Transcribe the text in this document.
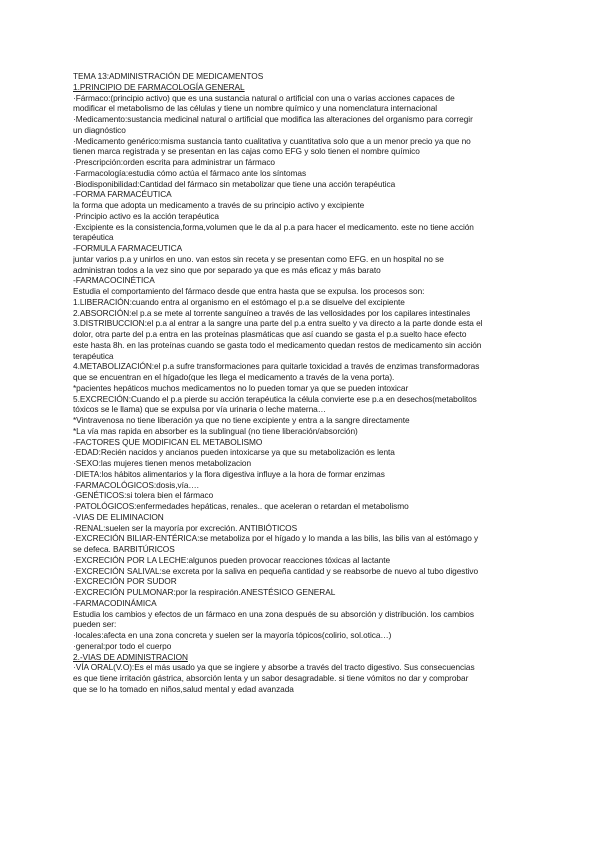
TEMA 13:ADMINISTRACIÓN DE MEDICAMENTOS
1.PRINCIPIO DE FARMACOLOGÍA GENERAL
·Fármaco:(principio activo) que es una sustancia natural o artificial con una o varias acciones capaces de
modificar el metabolismo de las células y tiene un nombre químico y una nomenclatura internacional
·Medicamento:sustancia medicinal natural o artificial que modifica las alteraciones del organismo para corregir
un diagnóstico
·Medicamento genérico:misma sustancia tanto cualitativa y cuantitativa solo que a un menor precio ya que no
tienen marca registrada y se presentan en las cajas como EFG y solo tienen el nombre químico
·Prescripción:orden escrita para administrar un fármaco
·Farmacología:estudia cómo actúa el fármaco ante los síntomas
·Biodisponibilidad:Cantidad del fármaco sin metabolizar que tiene una acción terapéutica
-FORMA FARMACÉUTICA
la forma que adopta un medicamento a través de su principio activo y excipiente
·Principio activo es la acción terapéutica
·Excipiente es la consistencia,forma,volumen que le da al p.a para hacer el medicamento. este no tiene acción
terapéutica
-FORMULA FARMACEUTICA
juntar varios p.a y unirlos en uno. van estos sin receta y se presentan como EFG. en un hospital no se
administran todos a la vez sino que por separado ya que es más eficaz y más barato
-FARMACOCINÉTICA
Estudia el comportamiento del fármaco desde que entra hasta que se expulsa. los procesos son:
1.LIBERACIÓN:cuando entra al organismo en el estómago el p.a se disuelve del excipiente
2.ABSORCIÓN:el p.a se mete al torrente sanguíneo a través de las vellosidades por los capilares intestinales
3.DISTRIBUCCION:el p.a al entrar a la sangre una parte del p.a entra suelto y va directo a la parte donde esta el
dolor, otra parte del p.a entra en las proteínas plasmáticas que así cuando se gasta el p.a suelto hace efecto
este hasta 8h. en las proteínas cuando se gasta todo el medicamento quedan restos de medicamento sin acción
terapéutica
4.METABOLIZACIÓN:el p.a sufre transformaciones para quitarle toxicidad a través de enzimas transformadoras
que se encuentran en el hígado(que les llega el medicamento a través de la vena porta).
*pacientes hepáticos muchos medicamentos no lo pueden tomar ya que se pueden intoxicar
5.EXCRECIÓN:Cuando el p.a pierde su acción terapéutica la célula convierte ese p.a en desechos(metabolitos
tóxicos se le llama) que se expulsa por vía urinaria o leche materna…
*Vintravenosa no tiene liberación ya que no tiene excipiente y entra a la sangre directamente
*La vía mas rapida en absorber es la sublingual (no tiene liberación/absorción)
-FACTORES QUE MODIFICAN EL METABOLISMO
·EDAD:Recién nacidos y ancianos pueden intoxicarse ya que su metabolización es lenta
·SEXO:las mujeres tienen menos metabolizacion
·DIETA:los hábitos alimentarios y la flora digestiva influye a la hora de formar enzimas
·FARMACOLÓGICOS:dosis,vía….
·GENÉTICOS:si tolera bien el fármaco
·PATOLÓGICOS:enfermedades hepáticas, renales.. que aceleran o retardan el metabolismo
-VIAS DE ELIMINACION
·RENAL:suelen ser la mayoría por excreción. ANTIBIÓTICOS
·EXCRECIÓN BILIAR-ENTÉRICA:se metaboliza por el hígado y lo manda a las bilis, las bilis van al estómago y
se defeca. BARBITÚRICOS
·EXCRECIÓN POR LA LECHE:algunos pueden provocar reacciones tóxicas al lactante
·EXCRECIÓN SALIVAL:se excreta por la saliva en pequeña cantidad y se reabsorbe de nuevo al tubo digestivo
·EXCRECIÓN POR SUDOR
·EXCRECIÓN PULMONAR:por la respiración.ANESTÉSICO GENERAL
-FARMACODINÁMICA
Estudia los cambios y efectos de un fármaco en una zona después de su absorción y distribución. los cambios
pueden ser:
·locales:afecta en una zona concreta y suelen ser la mayoría tópicos(colirio, sol.otica…)
·general:por todo el cuerpo
2.-VIAS DE ADMINISTRACION
·VÍA ORAL(V.O):Es el más usado ya que se ingiere y absorbe a través del tracto digestivo. Sus consecuencias
es que tiene irritación gástrica, absorción lenta y un sabor desagradable. si tiene vómitos no dar y comprobar
que se lo ha tomado en niños,salud mental y edad avanzada
